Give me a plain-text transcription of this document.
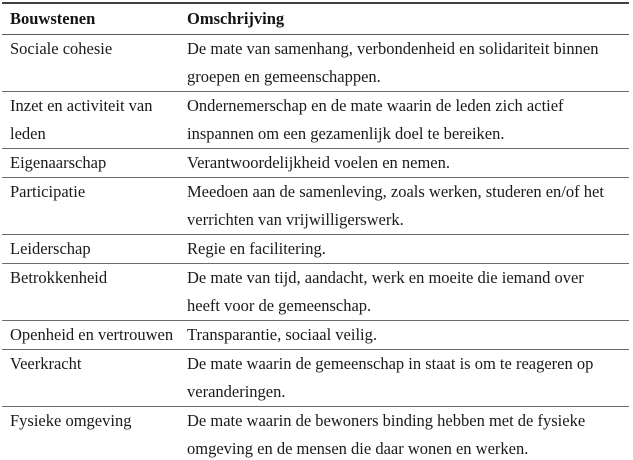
Bouwstenen	Omschrijving
Sociale cohesie	De mate van samenhang, verbondenheid en solidariteit binnen groepen en gemeenschappen.
Inzet en activiteit van leden	Ondernemerschap en de mate waarin de leden zich actief inspannen om een gezamenlijk doel te bereiken.
Eigenaarschap	Verantwoordelijkheid voelen en nemen.
Participatie	Meedoen aan de samenleving, zoals werken, studeren en/of het verrichten van vrijwilligerswerk.
Leiderschap	Regie en facilitering.
Betrokkenheid	De mate van tijd, aandacht, werk en moeite die iemand over heeft voor de gemeenschap.
Openheid en vertrouwen	Transparantie, sociaal veilig.
Veerkracht	De mate waarin de gemeenschap in staat is om te reageren op veranderingen.
Fysieke omgeving	De mate waarin de bewoners binding hebben met de fysieke omgeving en de mensen die daar wonen en werken.
